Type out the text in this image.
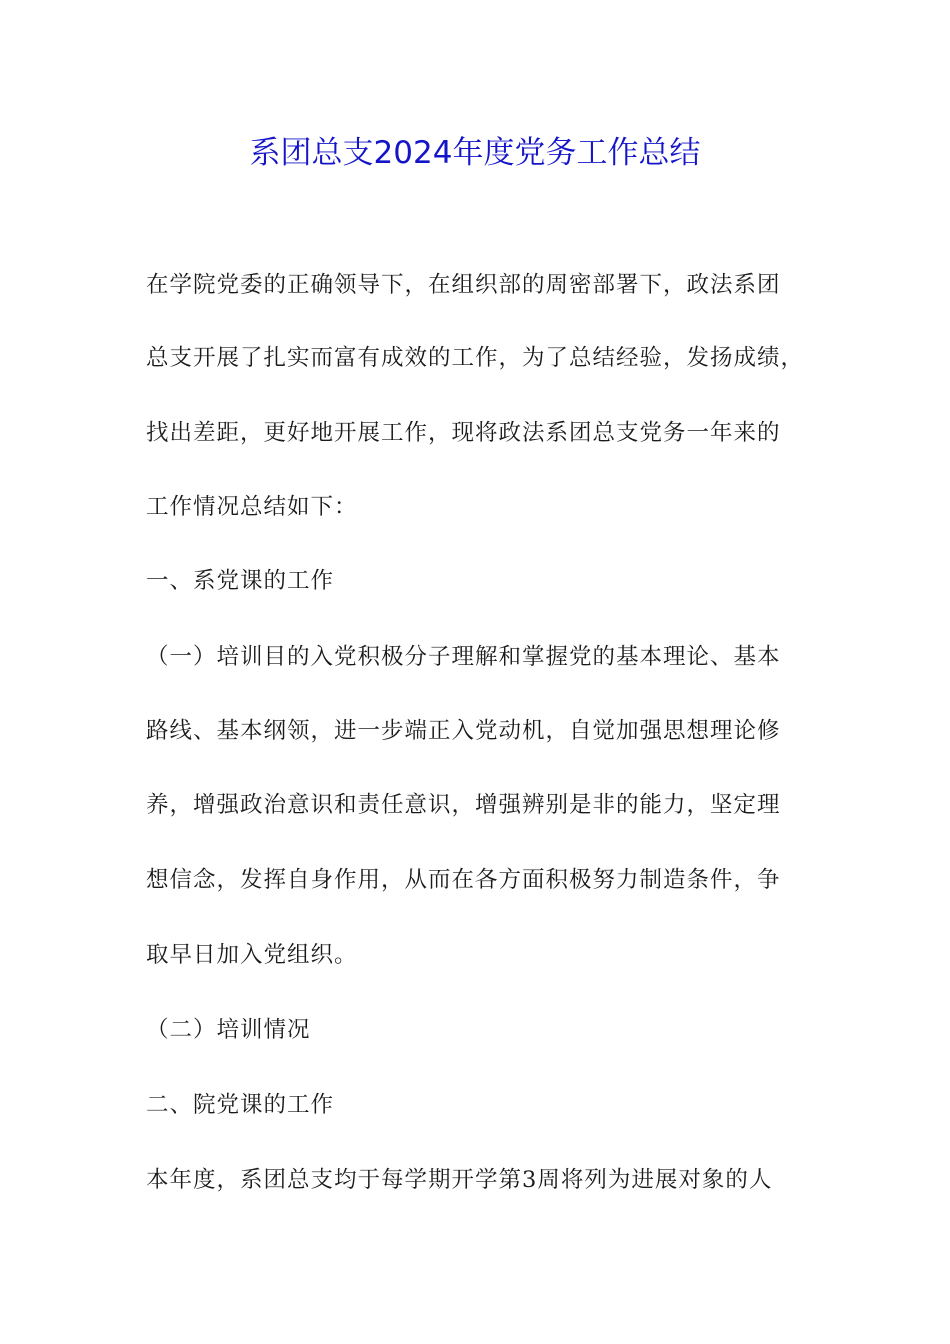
系团总支2024年度党务工作总结
在学院党委的正确领导下，在组织部的周密部署下，政法系团
总支开展了扎实而富有成效的工作，为了总结经验，发扬成绩，
找出差距，更好地开展工作，现将政法系团总支党务一年来的
工作情况总结如下：
一、系党课的工作
（一）培训目的入党积极分子理解和掌握党的基本理论、基本
路线、基本纲领，进一步端正入党动机，自觉加强思想理论修
养，增强政治意识和责任意识，增强辨别是非的能力，坚定理
想信念，发挥自身作用，从而在各方面积极努力制造条件，争
取早日加入党组织。
（二）培训情况
二、院党课的工作
本年度，系团总支均于每学期开学第3周将列为进展对象的人
